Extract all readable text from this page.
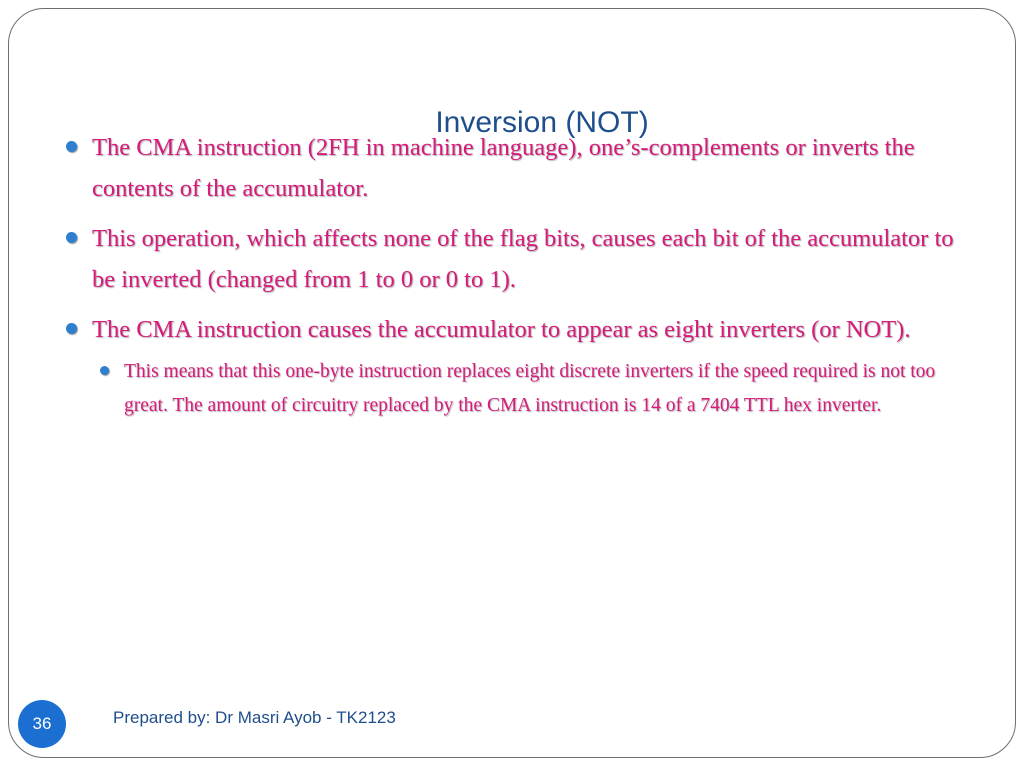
Inversion (NOT)
The CMA instruction (2FH in machine language), one’s-complements or inverts the contents of the accumulator.
This operation, which affects none of the flag bits, causes each bit of the accumulator to be inverted (changed from 1 to 0 or 0 to 1).
The CMA instruction causes the accumulator to appear as eight inverters (or NOT).
This means that this one-byte instruction replaces eight discrete inverters if the speed required is not too great. The amount of circuitry replaced by the CMA instruction is 14 of a 7404 TTL hex inverter.
36	Prepared by: Dr Masri Ayob - TK2123
